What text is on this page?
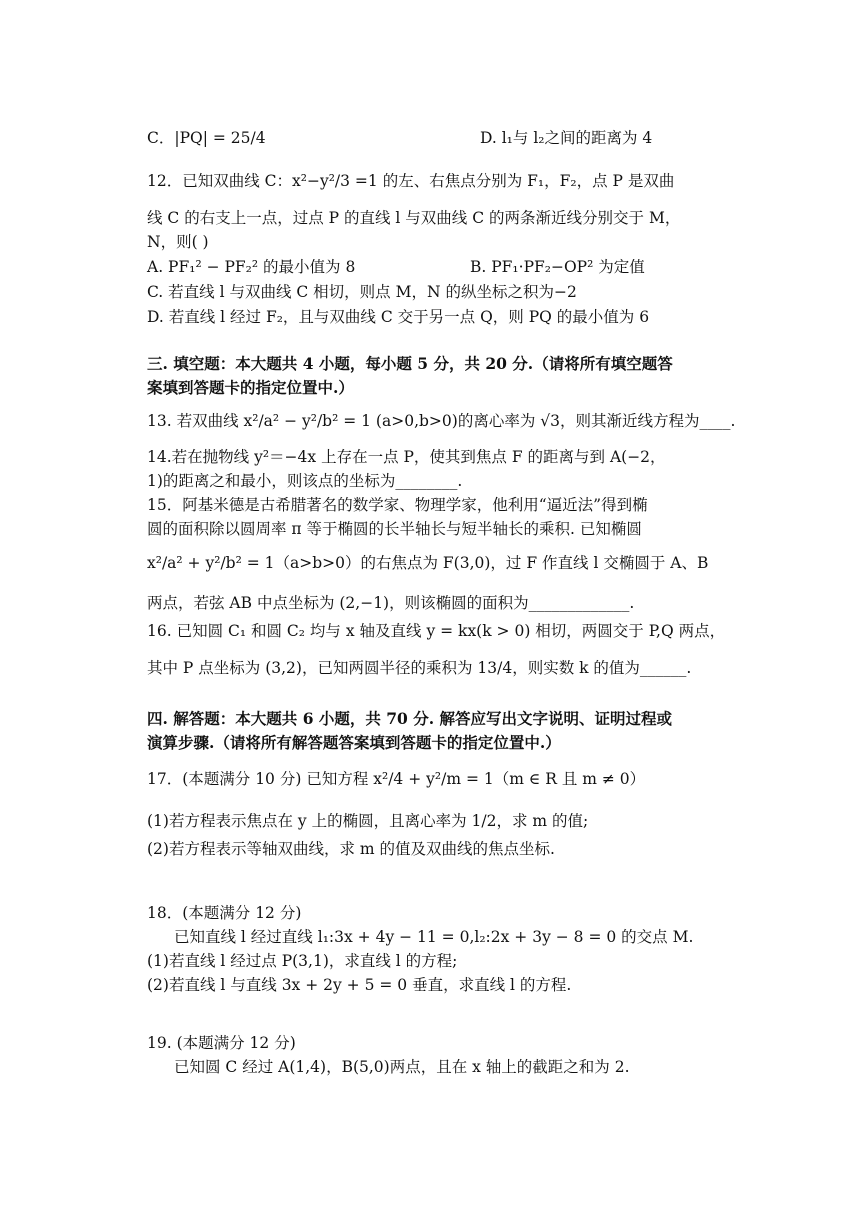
C．|PQ| = 25/4	D. l₁与 l₂之间的距离为 4
12．已知双曲线 C：x²−y²/3 =1 的左、右焦点分别为 F₁，F₂，点 P 是双曲
线 C 的右支上一点，过点 P 的直线 l 与双曲线 C 的两条渐近线分别交于 M，
N，则( )
A. PF₁² − PF₂² 的最小值为 8	B. PF₁·PF₂−OP² 为定值
C. 若直线 l 与双曲线 C 相切，则点 M，N 的纵坐标之积为−2
D. 若直线 l 经过 F₂，且与双曲线 C 交于另一点 Q，则 PQ 的最小值为 6
三. 填空题：本大题共 4 小题，每小题 5 分，共 20 分.（请将所有填空题答
案填到答题卡的指定位置中.）
13. 若双曲线 x²/a² − y²/b² = 1 (a>0,b>0)的离心率为 √3，则其渐近线方程为____.
14.若在抛物线 y²＝−4x 上存在一点 P，使其到焦点 F 的距离与到 A(−2，
1)的距离之和最小，则该点的坐标为________.
15．阿基米德是古希腊著名的数学家、物理学家，他利用“逼近法”得到椭
圆的面积除以圆周率 π 等于椭圆的长半轴长与短半轴长的乘积. 已知椭圆
x²/a² + y²/b² = 1（a>b>0）的右焦点为 F(3,0)，过 F 作直线 l 交椭圆于 A、B
两点，若弦 AB 中点坐标为 (2,−1)，则该椭圆的面积为_____________.
16. 已知圆 C₁ 和圆 C₂ 均与 x 轴及直线 y = kx(k > 0) 相切，两圆交于 P,Q 两点，
其中 P 点坐标为 (3,2)，已知两圆半径的乘积为 13/4，则实数 k 的值为______.
四. 解答题：本大题共 6 小题，共 70 分. 解答应写出文字说明、证明过程或
演算步骤.（请将所有解答题答案填到答题卡的指定位置中.）
17．(本题满分 10 分) 已知方程 x²/4 + y²/m = 1（m ∈ R 且 m ≠ 0）
(1)若方程表示焦点在 y 上的椭圆，且离心率为 1/2，求 m 的值;
(2)若方程表示等轴双曲线，求 m 的值及双曲线的焦点坐标.
18．(本题满分 12 分)
已知直线 l 经过直线 l₁:3x + 4y − 11 = 0,l₂:2x + 3y − 8 = 0 的交点 M.
(1)若直线 l 经过点 P(3,1)，求直线 l 的方程;
(2)若直线 l 与直线 3x + 2y + 5 = 0 垂直，求直线 l 的方程.
19. (本题满分 12 分)
已知圆 C 经过 A(1,4)，B(5,0)两点，且在 x 轴上的截距之和为 2.
